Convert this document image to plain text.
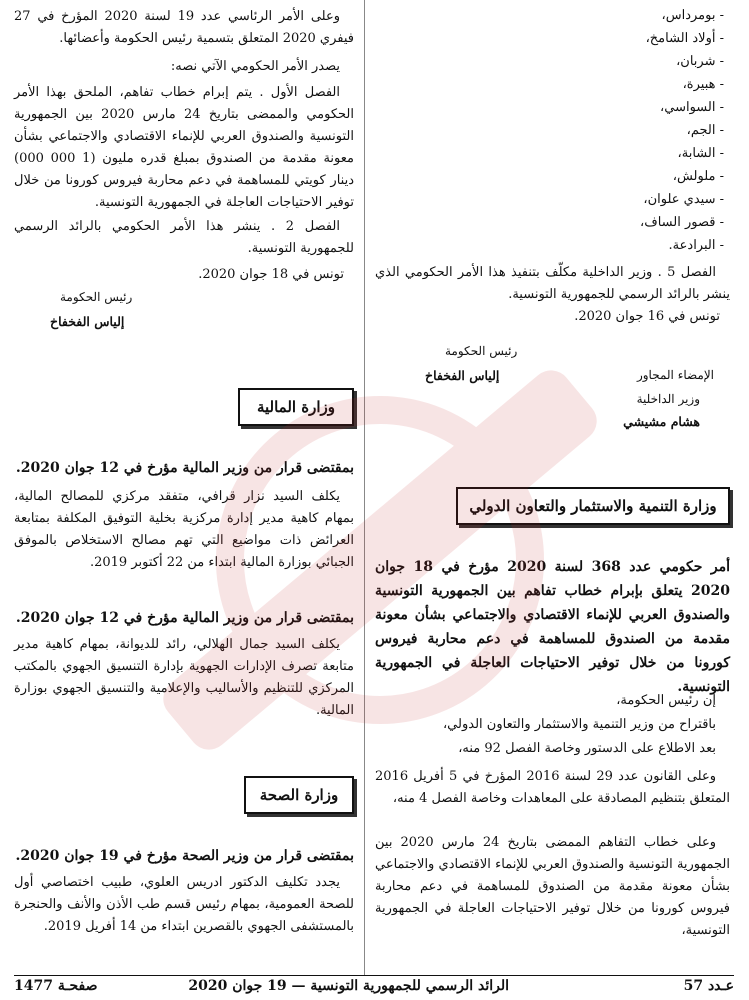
- بومرداس،
- أولاد الشامخ،
- شربان،
- هبيرة،
- السواسي،
- الجم،
- الشابة،
- ملولش،
- سيدي علوان،
- قصور الساف،
- البرادعة.
الفصل 5 . وزير الداخلية مكلّف بتنفيذ هذا الأمر الحكومي الذي ينشر بالرائد الرسمي للجمهورية التونسية.
تونس في 16 جوان 2020.
رئيس الحكومة
إلياس الفخفاخ	الإمضاء المجاور
وزير الداخلية
هشام مشيشي
وزارة التنمية والاستثمار والتعاون الدولي
أمر حكومي عدد 368 لسنة 2020 مؤرخ في 18 جوان 2020 يتعلق بإبرام خطاب تفاهم بين الجمهورية التونسية والصندوق العربي للإنماء الاقتصادي والاجتماعي بشأن معونة مقدمة من الصندوق للمساهمة في دعم محاربة فيروس كورونا من خلال توفير الاحتياجات العاجلة في الجمهورية التونسية.
إن رئيس الحكومة،
باقتراح من وزير التنمية والاستثمار والتعاون الدولي،
بعد الاطلاع على الدستور وخاصة الفصل 92 منه،
وعلى القانون عدد 29 لسنة 2016 المؤرخ في 5 أفريل 2016 المتعلق بتنظيم المصادقة على المعاهدات وخاصة الفصل 4 منه،
وعلى خطاب التفاهم الممضى بتاريخ 24 مارس 2020 بين الجمهورية التونسية والصندوق العربي للإنماء الاقتصادي والاجتماعي بشأن معونة مقدمة من الصندوق للمساهمة في دعم محاربة فيروس كورونا من خلال توفير الاحتياجات العاجلة في الجمهورية التونسية،
وعلى الأمر الرئاسي عدد 19 لسنة 2020 المؤرخ في 27 فيفري 2020 المتعلق بتسمية رئيس الحكومة وأعضائها.
يصدر الأمر الحكومي الآتي نصه:
الفصل الأول . يتم إبرام خطاب تفاهم، الملحق بهذا الأمر الحكومي والممضى بتاريخ 24 مارس 2020 بين الجمهورية التونسية والصندوق العربي للإنماء الاقتصادي والاجتماعي بشأن معونة مقدمة من الصندوق بمبلغ قدره مليون (1 000 000) دينار كويتي للمساهمة في دعم محاربة فيروس كورونا من خلال توفير الاحتياجات العاجلة في الجمهورية التونسية.
الفصل 2 . ينشر هذا الأمر الحكومي بالرائد الرسمي للجمهورية التونسية.
تونس في 18 جوان 2020.
رئيس الحكومة
إلياس الفخفاخ
وزارة المالية
بمقتضى قرار من وزير المالية مؤرخ في 12 جوان 2020.
يكلف السيد نزار قرافي، متفقد مركزي للمصالح المالية، بمهام كاهية مدير إدارة مركزية بخلية التوفيق المكلفة بمتابعة العرائض ذات مواضيع التي تهم مصالح الاستخلاص بالموفق الجبائي بوزارة المالية ابتداء من 22 أكتوبر 2019.
بمقتضى قرار من وزير المالية مؤرخ في 12 جوان 2020.
يكلف السيد جمال الهلالي، رائد للديوانة، بمهام كاهية مدير متابعة تصرف الإدارات الجهوية بإدارة التنسيق الجهوي بالمكتب المركزي للتنظيم والأساليب والإعلامية والتنسيق الجهوي بوزارة المالية.
وزارة الصحة
بمقتضى قرار من وزير الصحة مؤرخ في 19 جوان 2020.
يجدد تكليف الدكتور ادريس العلوي، طبيب اختصاصي أول للصحة العمومية، بمهام رئيس قسم طب الأذن والأنف والحنجرة بالمستشفى الجهوي بالقصرين ابتداء من 14 أفريل 2019.
عـدد 57
الرائد الرسمي للجمهورية التونسية — 19 جوان 2020
صفحـة 1477
